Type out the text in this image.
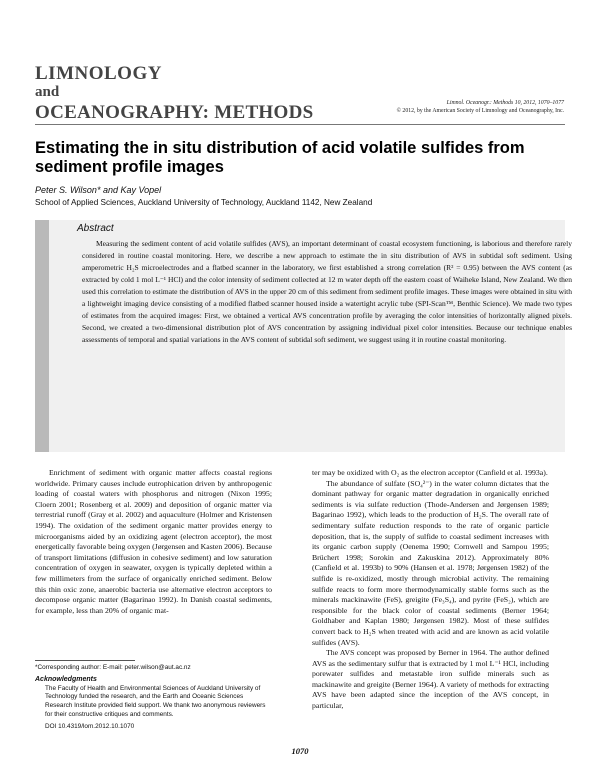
LIMNOLOGY
and
OCEANOGRAPHY: METHODS	Limnol. Oceanogr.: Methods 10, 2012, 1070–1077
© 2012, by the American Society of Limnology and Oceanography, Inc.
Estimating the in situ distribution of acid volatile sulfides from sediment profile images
Peter S. Wilson* and Kay Vopel
School of Applied Sciences, Auckland University of Technology, Auckland 1142, New Zealand
Abstract
Measuring the sediment content of acid volatile sulfides (AVS), an important determinant of coastal ecosystem functioning, is laborious and therefore rarely considered in routine coastal monitoring. Here, we describe a new approach to estimate the in situ distribution of AVS in subtidal soft sediment. Using amperometric H₂S microelectrodes and a flatbed scanner in the laboratory, we first established a strong correlation (R² = 0.95) between the AVS content (as extracted by cold 1 mol L⁻¹ HCl) and the color intensity of sediment collected at 12 m water depth off the eastern coast of Waiheke Island, New Zealand. We then used this correlation to estimate the distribution of AVS in the upper 20 cm of this sediment from sediment profile images. These images were obtained in situ with a lightweight imaging device consisting of a modified flatbed scanner housed inside a watertight acrylic tube (SPI-Scan™, Benthic Science). We made two types of estimates from the acquired images: First, we obtained a vertical AVS concentration profile by averaging the color intensities of horizontally aligned pixels. Second, we created a two-dimensional distribution plot of AVS concentration by assigning individual pixel color intensities. Because our technique enables assessments of temporal and spatial variations in the AVS content of subtidal soft sediment, we suggest using it in routine coastal monitoring.

Enrichment of sediment with organic matter affects coastal regions worldwide. Primary causes include eutrophication driven by anthropogenic loading of coastal waters with phosphorus and nitrogen (Nixon 1995; Cloern 2001; Rosenberg et al. 2009) and deposition of organic matter via terrestrial runoff (Gray et al. 2002) and aquaculture (Holmer and Kristensen 1994). The oxidation of the sediment organic matter provides energy to microorganisms aided by an oxidizing agent (electron acceptor), the most energetically favorable being oxygen (Jørgensen and Kasten 2006). Because of transport limitations (diffusion in cohesive sediment) and low saturation concentration of oxygen in seawater, oxygen is typically depleted within a few millimeters from the surface of organically enriched sediment. Below this thin oxic zone, anaerobic bacteria use alternative electron acceptors to decompose organic matter (Bagarinao 1992). In Danish coastal sediments, for example, less than 20% of organic mat-

ter may be oxidized with O₂ as the electron acceptor (Canfield et al. 1993a).

The abundance of sulfate (SO₄²⁻) in the water column dictates that the dominant pathway for organic matter degradation in organically enriched sediments is via sulfate reduction (Thode-Andersen and Jørgensen 1989; Bagarinao 1992), which leads to the production of H₂S. The overall rate of sedimentary sulfate reduction responds to the rate of organic particle deposition, that is, the supply of sulfide to coastal sediment increases with its organic carbon supply (Oenema 1990; Cornwell and Sampou 1995; Brüchert 1998; Sorokin and Zakuskina 2012). Approximately 80% (Canfield et al. 1993b) to 90% (Hansen et al. 1978; Jørgensen 1982) of the sulfide is re-oxidized, mostly through microbial activity. The remaining sulfide reacts to form more thermodynamically stable forms such as the minerals mackinawite (FeS), greigite (Fe₃S₄), and pyrite (FeS₂), which are responsible for the black color of coastal sediments (Berner 1964; Goldhaber and Kaplan 1980; Jørgensen 1982). Most of these sulfides convert back to H₂S when treated with acid and are known as acid volatile sulfides (AVS).

The AVS concept was proposed by Berner in 1964. The author defined AVS as the sedimentary sulfur that is extracted by 1 mol L⁻¹ HCl, including porewater sulfides and metastable iron sulfide minerals such as mackinawite and greigite (Berner 1964). A variety of methods for extracting AVS have been adapted since the inception of the AVS concept, in particular,

*Corresponding author: E-mail: peter.wilson@aut.ac.nz
Acknowledgments
The Faculty of Health and Environmental Sciences of Auckland University of Technology funded the research, and the Earth and Oceanic Sciences Research Institute provided field support. We thank two anonymous reviewers for their constructive critiques and comments.
DOI 10.4319/lom.2012.10.1070
1070
